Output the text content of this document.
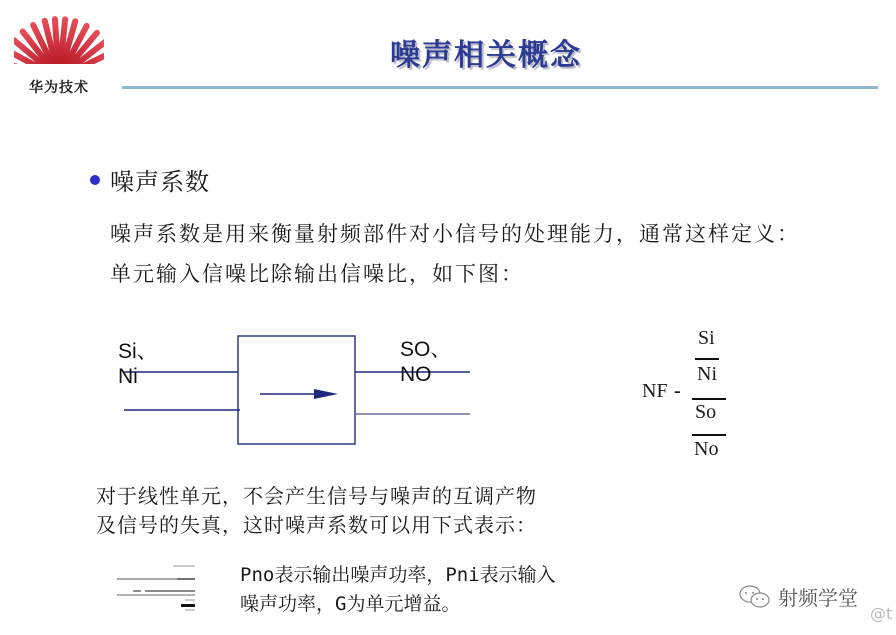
华为技术
噪声相关概念
噪声系数
噪声系数是用来衡量射频部件对小信号的处理能力，通常这样定义：
单元输入信噪比除输出信噪比，如下图：
Si、Ni
SO、NO
Si
Ni
NF -
So
No
对于线性单元，不会产生信号与噪声的互调产物
及信号的失真，这时噪声系数可以用下式表示：
Pno表示输出噪声功率，Pni表示输入
噪声功率，G为单元增益。	射频学堂
@t
